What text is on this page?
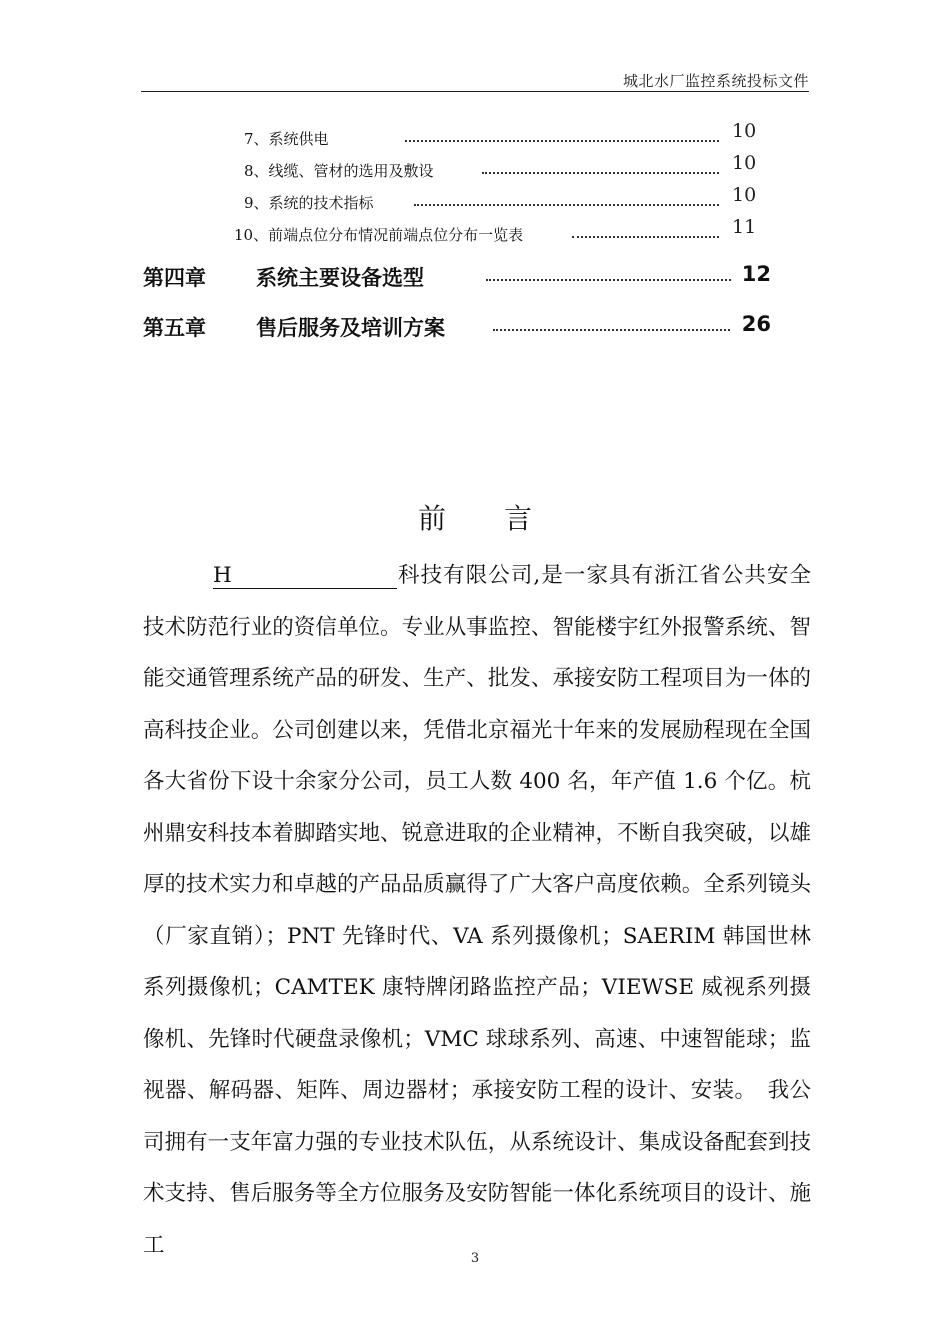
城北水厂监控系统投标文件
7、系统供电	10
8、线缆、管材的选用及敷设	10
9、系统的技术指标	10
10、前端点位分布情况前端点位分布一览表	11
第四章 系统主要设备选型	12
第五章 售后服务及培训方案	26
前言

H	科技有限公司,是一家具有浙江省公共安全技术防范行业的资信单位。专业从事监控、智能楼宇红外报警系统、智能交通管理系统产品的研发、生产、批发、承接安防工程项目为一体的高科技企业。公司创建以来，凭借北京福光十年来的发展励程现在全国各大省份下设十余家分公司，员工人数 400 名，年产值 1.6 个亿。杭州鼎安科技本着脚踏实地、锐意进取的企业精神，不断自我突破，以雄厚的技术实力和卓越的产品品质赢得了广大客户高度依赖。全系列镜头（厂家直销）；PNT 先锋时代、VA 系列摄像机；SAERIM 韩国世林系列摄像机；CAMTEK 康特牌闭路监控产品；VIEWSE 威视系列摄像机、先锋时代硬盘录像机；VMC 球球系列、高速、中速智能球；监视器、解码器、矩阵、周边器材；承接安防工程的设计、安装。　我公司拥有一支年富力强的专业技术队伍，从系统设计、集成设备配套到技术支持、售后服务等全方位服务及安防智能一体化系统项目的设计、施工

3
